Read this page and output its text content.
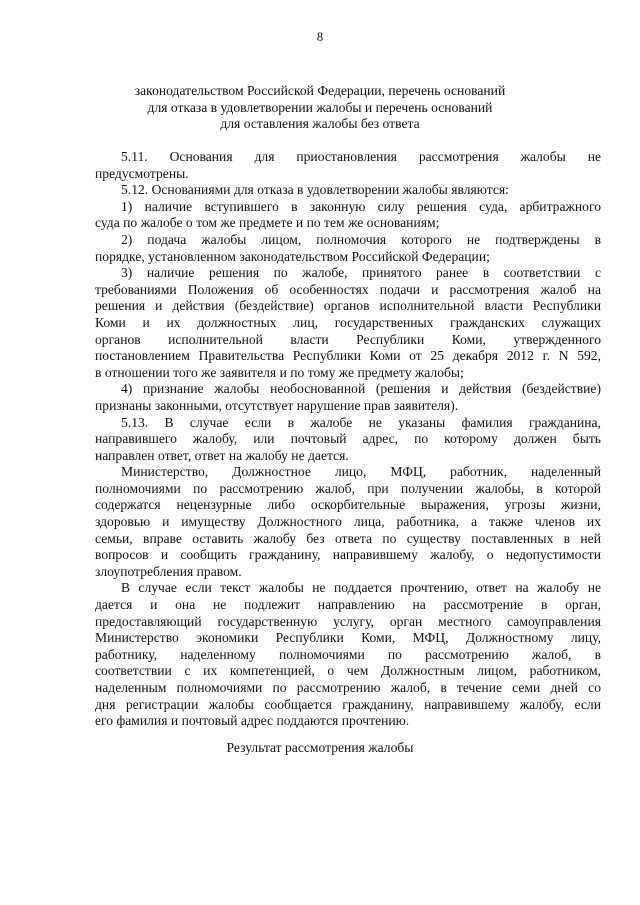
8
законодательством Российской Федерации, перечень оснований
для отказа в удовлетворении жалобы и перечень оснований
для оставления жалобы без ответа

5.11. Основания для приостановления рассмотрения жалобы не
предусмотрены.

5.12. Основаниями для отказа в удовлетворении жалобы являются:

1) наличие вступившего в законную силу решения суда, арбитражного
суда по жалобе о том же предмете и по тем же основаниям;

2) подача жалобы лицом, полномочия которого не подтверждены в
порядке, установленном законодательством Российской Федерации;

3) наличие решения по жалобе, принятого ранее в соответствии с
требованиями Положения об особенностях подачи и рассмотрения жалоб на
решения и действия (бездействие) органов исполнительной власти Республики
Коми и их должностных лиц, государственных гражданских служащих
органов исполнительной власти Республики Коми, утвержденного
постановлением Правительства Республики Коми от 25 декабря 2012 г. N 592,
в отношении того же заявителя и по тому же предмету жалобы;

4) признание жалобы необоснованной (решения и действия (бездействие)
признаны законными, отсутствует нарушение прав заявителя).

5.13. В случае если в жалобе не указаны фамилия гражданина,
направившего жалобу, или почтовый адрес, по которому должен быть
направлен ответ, ответ на жалобу не дается.

Министерство, Должностное лицо, МФЦ, работник, наделенный
полномочиями по рассмотрению жалоб, при получении жалобы, в которой
содержатся нецензурные либо оскорбительные выражения, угрозы жизни,
здоровью и имуществу Должностного лица, работника, а также членов их
семьи, вправе оставить жалобу без ответа по существу поставленных в ней
вопросов и сообщить гражданину, направившему жалобу, о недопустимости
злоупотребления правом.

В случае если текст жалобы не поддается прочтению, ответ на жалобу не
дается и она не подлежит направлению на рассмотрение в орган,
предоставляющий государственную услугу, орган местного самоуправления
Министерство экономики Республики Коми, МФЦ, Должностному лицу,
работнику, наделенному полномочиями по рассмотрению жалоб, в
соответствии с их компетенцией, о чем Должностным лицом, работником,
наделенным полномочиями по рассмотрению жалоб, в течение семи дней со
дня регистрации жалобы сообщается гражданину, направившему жалобу, если
его фамилия и почтовый адрес поддаются прочтению.

Результат рассмотрения жалобы
